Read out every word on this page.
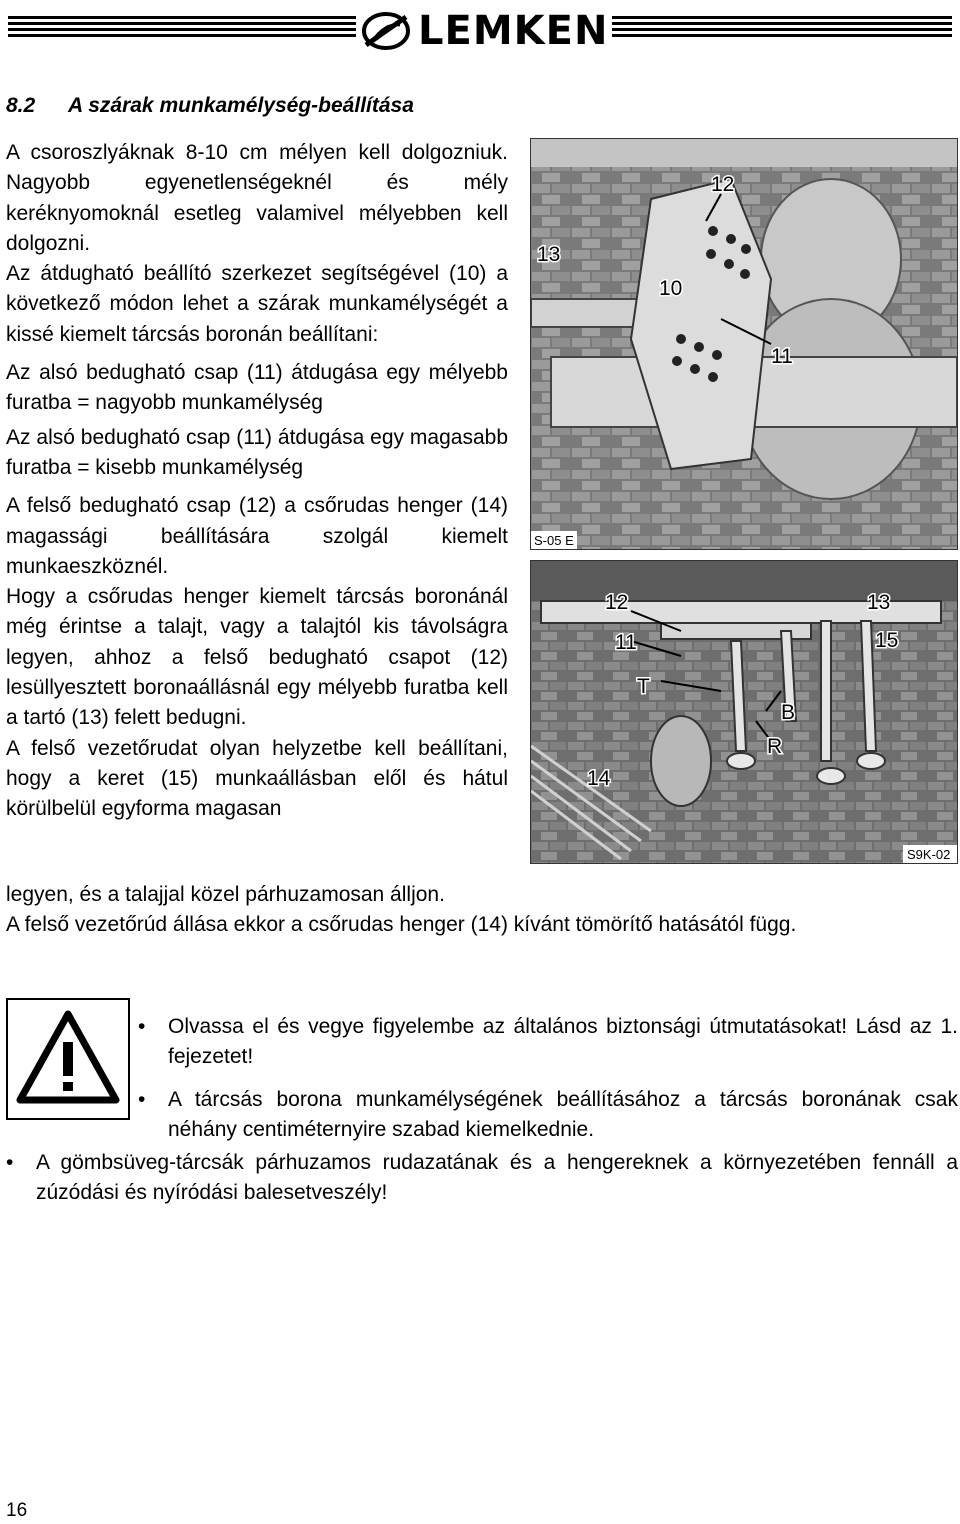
LEMKEN
8.2 A szárak munkamélység-beállítása

A csoroszlyáknak 8-10 cm mélyen kell dolgozniuk. Nagyobb egyenetlenségeknél és mély keréknyomoknál esetleg valamivel mélyebben kell dolgozni.

Az átdugható beállító szerkezet segítségével (10) a következő módon lehet a szárak munkamélységét a kissé kiemelt tárcsás boronán beállítani:

Az alsó bedugható csap (11) átdugása egy mélyebb furatba = nagyobb munkamélység

Az alsó bedugható csap (11) átdugása egy magasabb furatba = kisebb munkamélység

A felső bedugható csap (12) a csőrudas henger (14) magassági beállítására szolgál kiemelt munkaeszköznél.

Hogy a csőrudas henger kiemelt tárcsás boronánál még érintse a talajt, vagy a talajtól kis távolságra legyen, ahhoz a felső bedugható csapot (12) lesüllyesztett boronaállásnál egy mélyebb furatba kell a tartó (13) felett bedugni.

A felső vezetőrudat olyan helyzetbe kell beállítani, hogy a keret (15) munkaállásban elől és hátul körülbelül egyforma magasan

legyen, és a talajjal közel párhuzamosan álljon.

A felső vezetőrúd állása ekkor a csőrudas henger (14) kívánt tömörítő hatásától függ.

12
13
10
11
S-05 E
12	13
11	15
T
B
R
14
S9K-02
• Olvassa el és vegye figyelembe az általános biztonsági útmutatásokat! Lásd az 1. fejezetet!
• A tárcsás borona munkamélységének beállításához a tárcsás boronának csak néhány centiméternyire szabad kiemelkednie.
• A gömbsüveg-tárcsák párhuzamos rudazatának és a hengereknek a környezetében fennáll a zúzódási és nyíródási balesetveszély!
16
